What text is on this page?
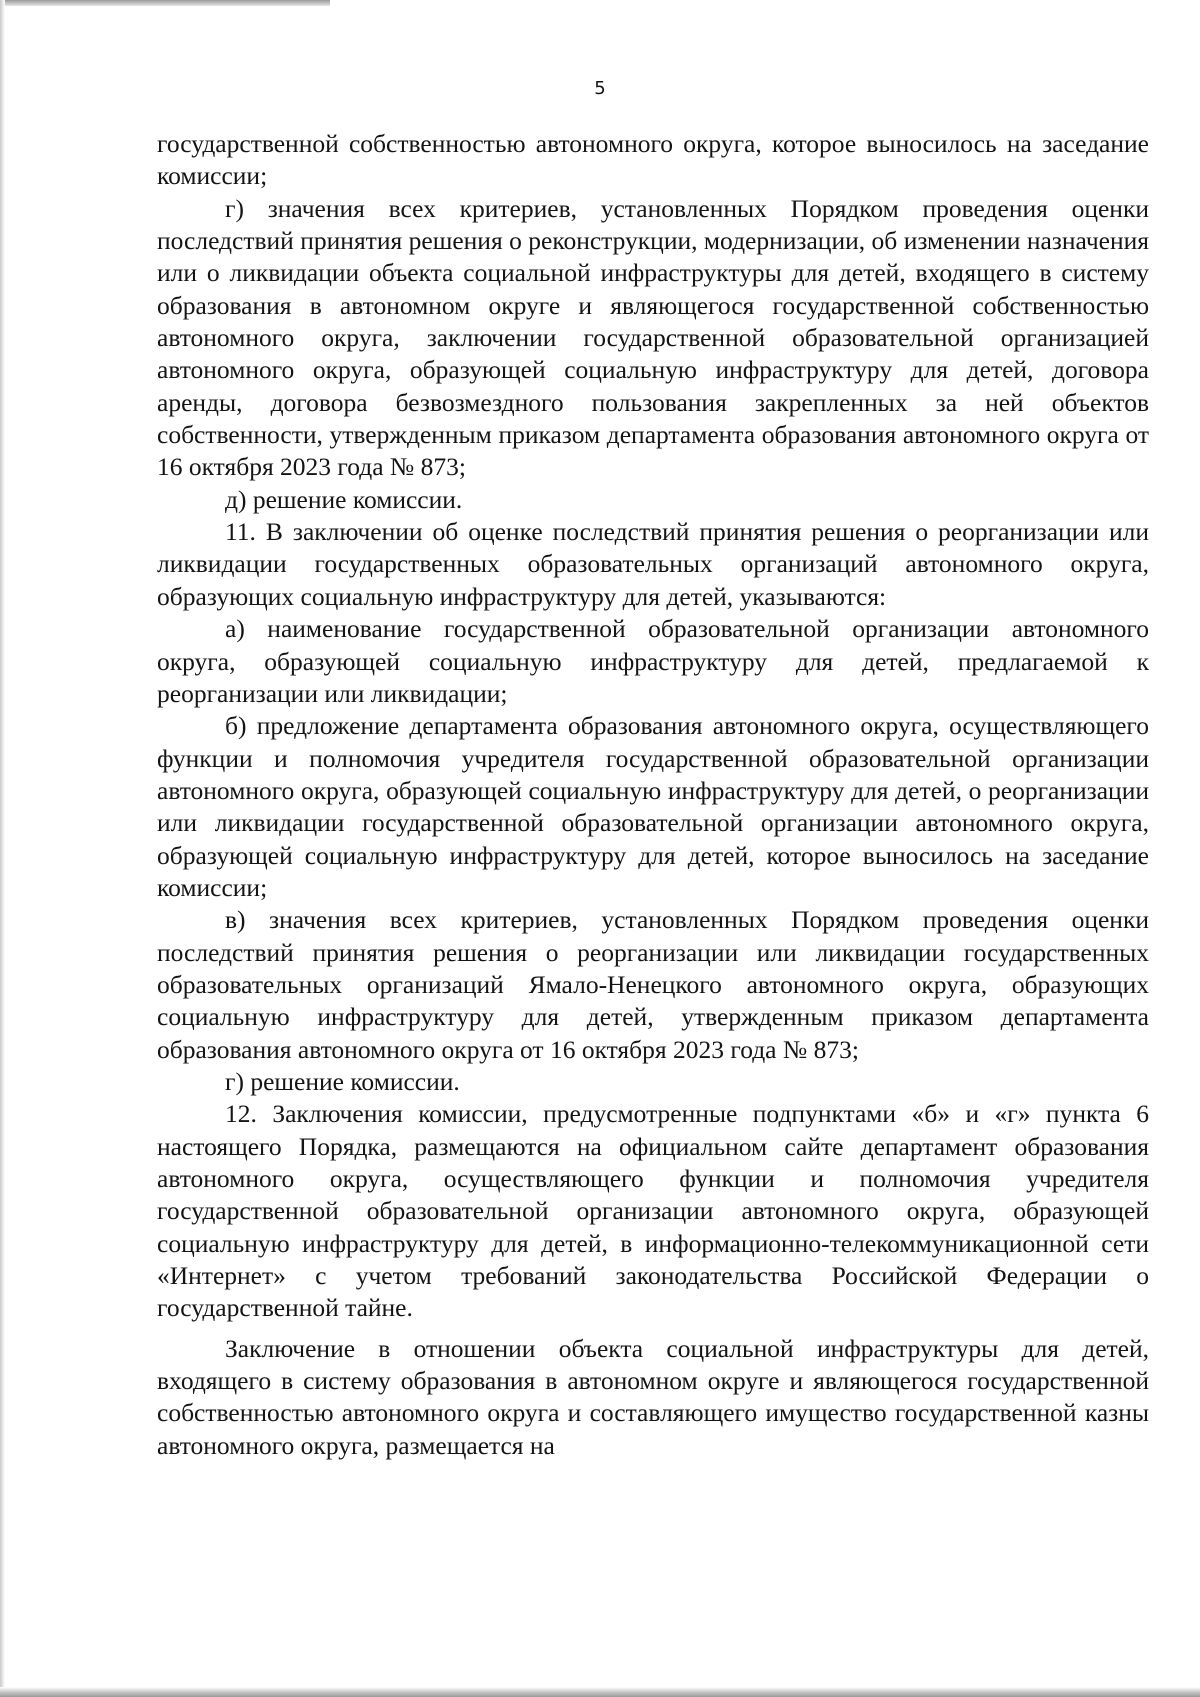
5

государственной собственностью автономного округа, которое выносилось на заседание комиссии;

г) значения всех критериев, установленных Порядком проведения оценки последствий принятия решения о реконструкции, модернизации, об изменении назначения или о ликвидации объекта социальной инфраструктуры для детей, входящего в систему образования в автономном округе и являющегося государственной собственностью автономного округа, заключении государственной образовательной организацией автономного округа, образующей социальную инфраструктуру для детей, договора аренды, договора безвозмездного пользования закрепленных за ней объектов собственности, утвержденным приказом департамента образования автономного округа от 16 октября 2023 года № 873;

д) решение комиссии.

11. В заключении об оценке последствий принятия решения о реорганизации или ликвидации государственных образовательных организаций автономного округа, образующих социальную инфраструктуру для детей, указываются:

а) наименование государственной образовательной организации автономного округа, образующей социальную инфраструктуру для детей, предлагаемой к реорганизации или ликвидации;

б) предложение департамента образования автономного округа, осуществляющего функции и полномочия учредителя государственной образовательной организации автономного округа, образующей социальную инфраструктуру для детей, о реорганизации или ликвидации государственной образовательной организации автономного округа, образующей социальную инфраструктуру для детей, которое выносилось на заседание комиссии;

в) значения всех критериев, установленных Порядком проведения оценки последствий принятия решения о реорганизации или ликвидации государственных образовательных организаций Ямало-Ненецкого автономного округа, образующих социальную инфраструктуру для детей, утвержденным приказом департамента образования автономного округа от 16 октября 2023 года № 873;

г) решение комиссии.

12. Заключения комиссии, предусмотренные подпунктами «б» и «г» пункта 6 настоящего Порядка, размещаются на официальном сайте департамент образования автономного округа, осуществляющего функции и полномочия учредителя государственной образовательной организации автономного округа, образующей социальную инфраструктуру для детей, в информационно-телекоммуникационной сети «Интернет» с учетом требований законодательства Российской Федерации о государственной тайне.

Заключение в отношении объекта социальной инфраструктуры для детей, входящего в систему образования в автономном округе и являющегося государственной собственностью автономного округа и составляющего имущество государственной казны автономного округа, размещается на
